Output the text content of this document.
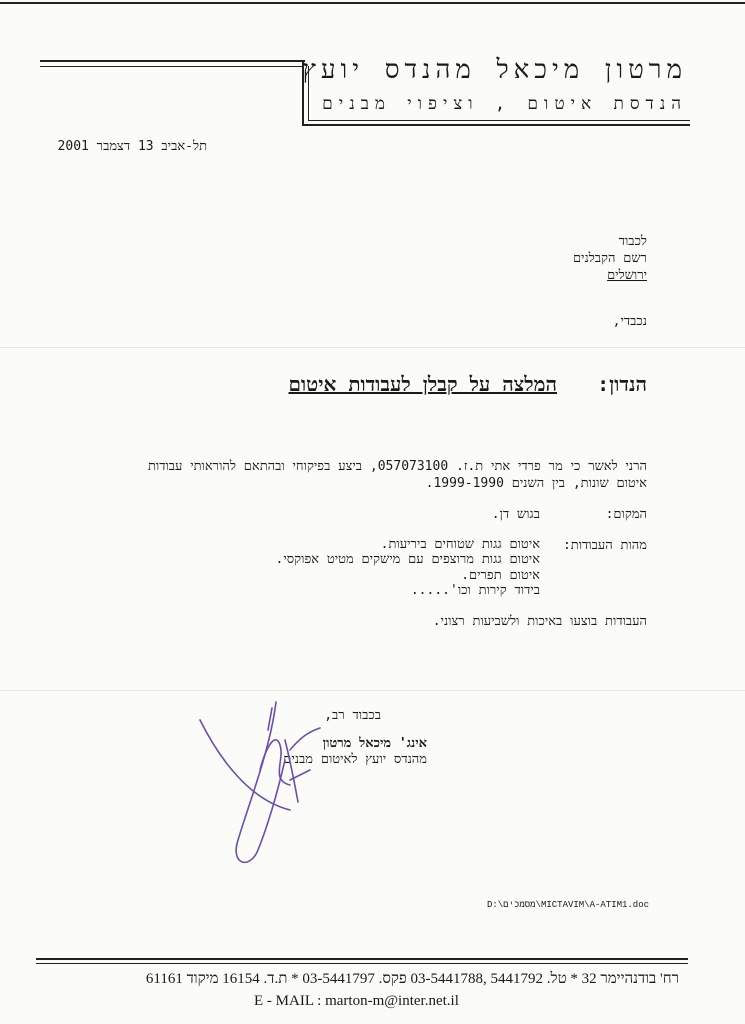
מרטון מיכאל מהנדס יועץ
הנדסת איטום , וציפוי מבנים
תל-אביב 13 דצמבר 2001
לכבוד
רשם הקבלנים
ירושלים
נכבדי,
הנדון:
המלצה על קבלן לעבודות איטום
הרני לאשר כי מר פרדי אתי ת.ז. 057073100, ביצע בפיקוחי ובהתאם להוראותי עבודות
איטום שונות, בין השנים 1999-1990.
המקום:
בגוש דן.
מהות העבודות:
איטום גגות שטוחים ביריעות.
איטום גגות מרוצפים עם מישקים מטיט אפוקסי.
איטום תפרים.
בידוד קירות וכו'.....
העבודות בוצעו באיכות ולשביעות רצוני.
בכבוד רב,
אינג' מיכאל מרטון
מהנדס יועץ לאיטום מבנים
D:\מסמכים\MICTAVIM\A-ATIM1.doc
רח' בודנהיימר 32 * טל. 5441792 ,03-5441788 פקס. 03-5441797 * ת.ד. 16154 מיקוד 61161
E - MAIL : marton-m@inter.net.il
